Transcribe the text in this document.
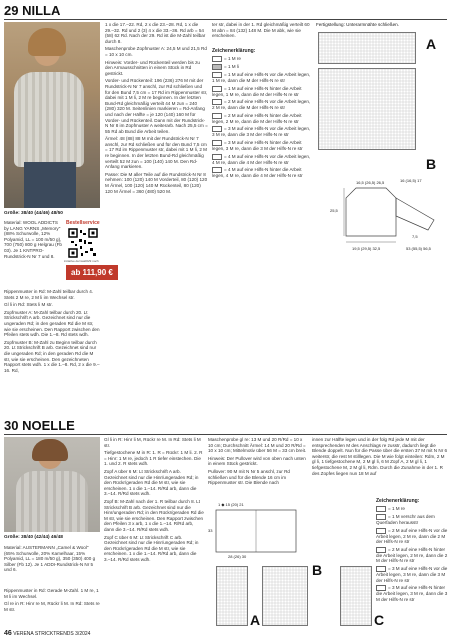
29 NILLA
Größe: 38/40 (44/46) 48/50
Material: WOOL ADDICTS by LANG YARNS „Memory" (88% Schurwolle, 12% Polyamid, LL = 100 m/50 g), 700 (750) 800 g Helgrau (Fb 03). Je 1 KNTPRO-Rundstrick-N Nr 7 und 8.
Bestellservice
initiative.de/nsa0029 noch
ab 111,90 €

Rippenmuster in Rd: M-Zahl teilbar durch 4. Stets 2 M re, 2 M li im Wechsel str.

Gl li in Rd: Stets li M str.

Zopfmuster A: M-Zahl teilbar durch 20. Lt Strickschrift A arb. Gezeichnet sind nur die ungeraden Rd; in den geraden Rd die M str, wie sie erscheinen. Den Rapport zwischen den Pfeilen stets wdh. Die 1.–8. Rd stets wdh.

Zopfmuster B: M-Zahl zu Beginn teilbar durch 20. Lt Strickschrift B arb. Gezeichnet sind nur die ungeraden Rd; in den geraden Rd die M str, wie sie erscheinen. Den gezeichneten Rapport stets wdh. 1 x die 1.–8. Rd, 2 x die 9.–16. Rd,

1 x die 17.–22. Rd, 2 x die 23.–28. Rd, 1 x die 29.–32. Rd und 2 (3) 4 x die 33.–36. Rd arb = 54 (58) 62 Rd. Nach der 29. Rd ist die M-Zahl teilbar durch 8.

Maschenprobe Zopfmuster A: 24,5 M und 21,5 Rd = 10 x 10 cm.

Hinweis: Vorder- und Rückenteil werden bis zu den Armausschnitten in einem Stück in Rd gestrickt.

Vorder- und Rückenteil: 196 (236) 276 M mit der Rundstrick-N Nr 7 anschl, zur Rd schließen und für den Bund 7,5 cm = 17 Rd im Rippenmuster str, dabei mit 1 M li, 2 M re beginnen. In der letzten Bund-Rd gleichmäßig verteilt 44 M zun = 240 (280) 320 M. Seitenlinien markieren = Rd-Anfang und nach der Hälfte = je 120 (140) 160 M für Vorder- und Rückenteil. Dann mit der Rundstrick-N Nr 8 im Zopfmuster A weiterarb. Nach 25,5 cm = 55 Rd ab Bund die Arbeit teilen.

Ärmel: 48 (88) 88 M mit der Rundstrick-N Nr 7 anschl, zur Rd schließen und für den Bund 7,5 cm = 17 Rd im Rippenmuster str, dabei mit 1 M li, 2 M re beginnen. In der letzten Bund-Rd gleichmäßig verteilt 52 M zun = 100 (140) 140 M. Den Rd-Anfang markieren.

Passe: Die M aller Teile auf die Rundstrick-N Nr 8 nehmen: 100 (120) 140 M Vorderteil, 80 (120) 120 M Ärmel, 100 (120) 140 M Rückenteil, 80 (120) 120 M Ärmel = 360 (480) 520 M.

ter str, dabei in der 1. Rd gleichmäßig verteilt 60 M abn = 84 (132) 148 M. Die M abk, wie sie erscheinen.

Zeichenerklärung:

= 1 M re

= 1 M li

= 1 M auf eine Hilfs-N vor die Arbeit legen, 1 M re, dann die M der Hilfs-N re str

= 1 M auf eine Hilfs-N hinter die Arbeit legen, 1 M re, dann die M der Hilfs-N re str

= 2 M auf eine Hilfs-N vor die Arbeit legen, 2 M re, dann die M der Hilfs-N re str

= 2 M auf eine Hilfs-N hinter die Arbeit legen, 2 M re, dann die M der Hilfs-N re str

= 3 M auf eine Hilfs-N vor die Arbeit legen, 3 M re, dann die 3 M der Hilfs-N re str

= 3 M auf eine Hilfs-N hinter die Arbeit legen, 3 M re, dann die 3 M der Hilfs-N re str

= 4 M auf eine Hilfs-N vor die Arbeit legen, 4 M re, dann die 4 M der Hilfs-N re str

= 4 M auf eine Hilfs-N hinter die Arbeit legen, 4 M re, dann die 4 M der Hilfs-N re str

Fertigstellung: Unterarmnähte schließen.
A
B
16 (16,5) 17
16,5 (26,5) 26,5
25,5
7,5
19,5 (29,5) 32,5	53 (55,5) 56,5
30 NOELLE
Größe: 38/40 (42/44) 46/48
Material: AUSTERMANN „Camel & Wool" (65% Schurwolle, 20% Kamelhaar, 15% Polyamid, LL = 180 m/50 g), 350 (350) 400 g Silber (Fb 12). Je 1 ADDI-Rundstrick-N Nr 5 und 6.

Rippenmuster in Rd: Gerade M-Zahl. 1 M re, 1 M li im Wechsel.

Gl re in R: Hinr re M, Rückr li M. In Rd: Stets re M str.

Gl li in R: Hinr li M, Rückr re M. In Rd: Stets li M str.

Tiefgestochene M in R: 1. R = Rückr: 1 M li. 2. R = Hinr: 1 M re, jedoch 1 R tiefer einstechen. Die 1. und 2. R stets wdh.

Zopf A über 6 M: Lt Strickschrift A arb. Gezeichnet sind nur die Hinr/ungeraden Rd; in den Rückr/geraden Rd die M str, wie sie erscheinen. 1 x die 1.–14. R/Rd arb, dann die 3.–14. R/Rd stets wdh.

Zopf B: M-Zahl nach der 1. R teilbar durch 8. Lt Strickschrift B arb. Gezeichnet sind nur die Hinr/ungeraden Rd; in den Rückr/geraden Rd die M str, wie sie erscheinen. Den Rapport zwischen den Pfeilen 3 x arb, 1 x die 1.–14. R/Rd arb, dann die 3.–14. R/Rd stets wdh.

Zopf C über 6 M: Lt Strickschrift C arb. Gezeichnet sind nur die Hinr/ungeraden Rd; in den Rückr/geraden Rd die M str, wie sie erscheinen. 1 x die 1.–14. R/Rd arb, dann die 3.–14. R/Rd stets wdh.

Maschenprobe gl re: 13 M und 20 R/Rd = 10 x 10 cm; Durchschnitt Ärmel: 14 M und 20 R/Rd = 10 x 10 cm; Mittelmotiv über 56 M = 33 cm breit.

Hinweis: Der Pullover wird von oben nach unten in einem Stück gestrickt.

Pullover: 90 M mit N Nr 5 anschl, zur Rd schließen und für die Blende 16 cm im Rippenmuster str. Die Blende nach

innen zur Hälfte legen und in der folg Rd jede M mit der entsprechenden M des Anschlags re zusstr, dadurch liegt die Blende doppelt. Nun für die Passe über die ersten 37 M mit N Nr 6 weiterstr, die rest M stilllegen. Die M wie folgt einteilen: Rdm, 2 M gl li, 1 tiefgestochene M, 2 M gl li, 6 M Zopf A, 2 M gl li, 1 tiefgestochene M, 2 M gl li, Rdm. Durch die Zunahme in der 1. R des Zopfes liegen nun 18 M auf

1 ◆ 15 (20) 21
33
28 (26) 30
A
B
C
Zeichenerklärung:

= 1 M re

= 1 M verschr aus dem Querfaden herausstr

= 2 M auf eine Hilfs-N vor die Arbeit legen, 2 M re, dann die 2 M der Hilfs-N re str

= 2 M auf eine Hilfs-N hinter die Arbeit legen, 2 M re, dann die 2 M der Hilfs-N re str

= 3 M auf eine Hilfs-N vor die Arbeit legen, 3 M re, dann die 3 M der Hilfs-N re str

= 3 M auf eine Hilfs-N hinter die Arbeit legen, 3 M re, dann die 3 M der Hilfs-N re str

46 VERENA STRICKTRENDS 3/2024
